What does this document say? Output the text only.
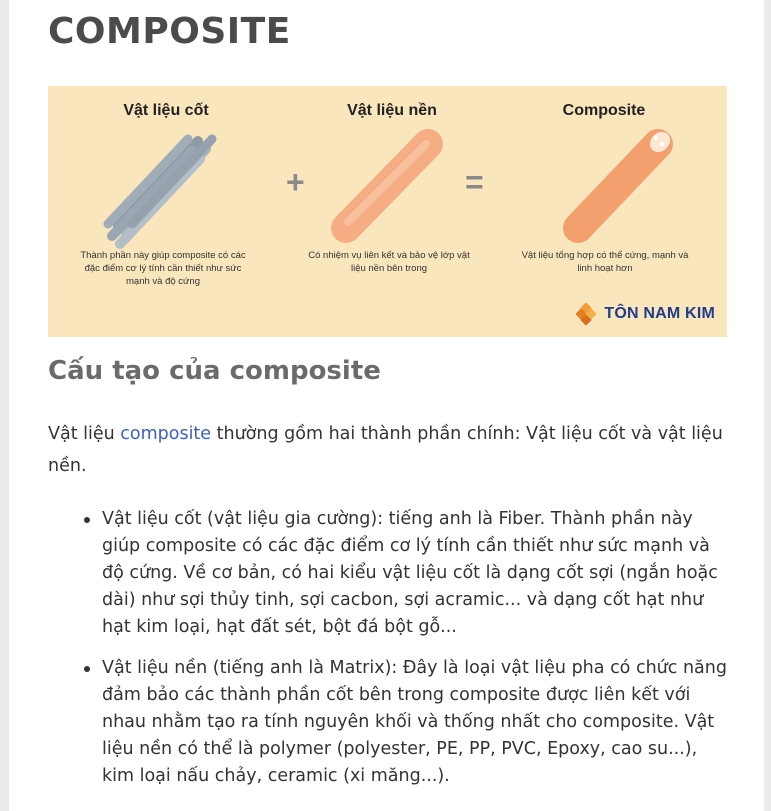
COMPOSITE
Vật liệu cốt	Vật liệu nền	Composite
+	=
Thành phần này giúp composite có các đặc điểm cơ lý tính cần thiết như sức mạnh và độ cứng
Có nhiệm vụ liên kết và bảo vệ lớp vật liệu nền bên trong
Vật liệu tổng hợp có thể cứng, mạnh và linh hoạt hơn
TÔN NAM KIM
Cấu tạo của composite

Vật liệu composite thường gồm hai thành phần chính: Vật liệu cốt và vật liệu nền.

Vật liệu cốt (vật liệu gia cường): tiếng anh là Fiber. Thành phần này giúp composite có các đặc điểm cơ lý tính cần thiết như sức mạnh và độ cứng. Về cơ bản, có hai kiểu vật liệu cốt là dạng cốt sợi (ngắn hoặc dài) như sợi thủy tinh, sợi cacbon, sợi acramic... và dạng cốt hạt như hạt kim loại, hạt đất sét, bột đá bột gỗ...
Vật liệu nền (tiếng anh là Matrix): Đây là loại vật liệu pha có chức năng đảm bảo các thành phần cốt bên trong composite được liên kết với nhau nhằm tạo ra tính nguyên khối và thống nhất cho composite. Vật liệu nền có thể là polymer (polyester, PE, PP, PVC, Epoxy, cao su...), kim loại nấu chảy, ceramic (xi măng...).
